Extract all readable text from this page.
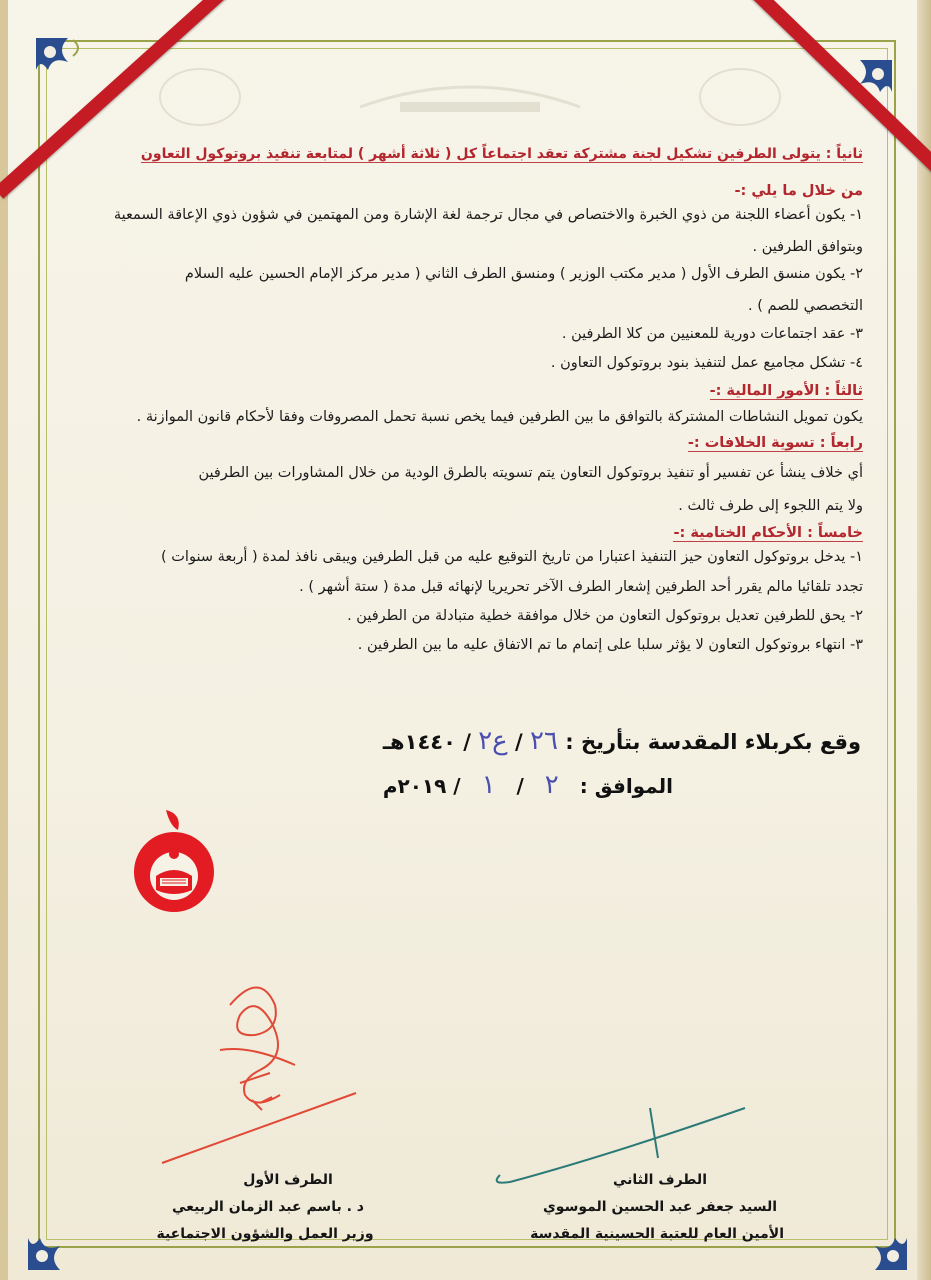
ثانياً : يتولى الطرفين تشكيل لجنة مشتركة تعقد اجتماعاً كل ( ثلاثة أشهر ) لمتابعة تنفيذ بروتوكول التعاون
من خلال ما يلي :-
١- يكون أعضاء اللجنة من ذوي الخبرة والاختصاص في مجال ترجمة لغة الإشارة ومن المهتمين في شؤون ذوي الإعاقة السمعية
وبتوافق الطرفين .
٢- يكون منسق الطرف الأول ( مدير مكتب الوزير ) ومنسق الطرف الثاني ( مدير مركز الإمام الحسين عليه السلام
التخصصي للصم ) .
٣- عقد اجتماعات دورية للمعنيين من كلا الطرفين .
٤- تشكل مجاميع عمل لتنفيذ بنود بروتوكول التعاون .
ثالثاً : الأمور المالية :-
يكون تمويل النشاطات المشتركة بالتوافق ما بين الطرفين فيما يخص نسبة تحمل المصروفات وفقا لأحكام قانون الموازنة .
رابعاً : تسوية الخلافات :-
أي خلاف ينشأ عن تفسير أو تنفيذ بروتوكول التعاون يتم تسويته بالطرق الودية من خلال المشاورات بين الطرفين
ولا يتم اللجوء إلى طرف ثالث .
خامساً : الأحكام الختامية :-
١- يدخل بروتوكول التعاون حيز التنفيذ اعتبارا من تاريخ التوقيع عليه من قبل الطرفين ويبقى نافذ لمدة ( أربعة سنوات )
تجدد تلقائيا مالم يقرر أحد الطرفين إشعار الطرف الآخر تحريريا لإنهائه قبل مدة ( ستة أشهر ) .
٢- يحق للطرفين تعديل بروتوكول التعاون من خلال موافقة خطية متبادلة من الطرفين .
٣- انتهاء بروتوكول التعاون لا يؤثر سلبا على إتمام ما تم الاتفاق عليه ما بين الطرفين .
وقع بكربلاء المقدسة بتأريخ : ٢٦ / ع٢ / ١٤٤٠هـ
الموافق : ٢ / ١ / ٢٠١٩م
الطرف الأول
د . باسم عبد الزمان الربيعي
وزير العمل والشؤون الاجتماعية
الطرف الثاني
السيد جعفر عبد الحسين الموسوي
الأمين العام للعتبة الحسينية المقدسة
